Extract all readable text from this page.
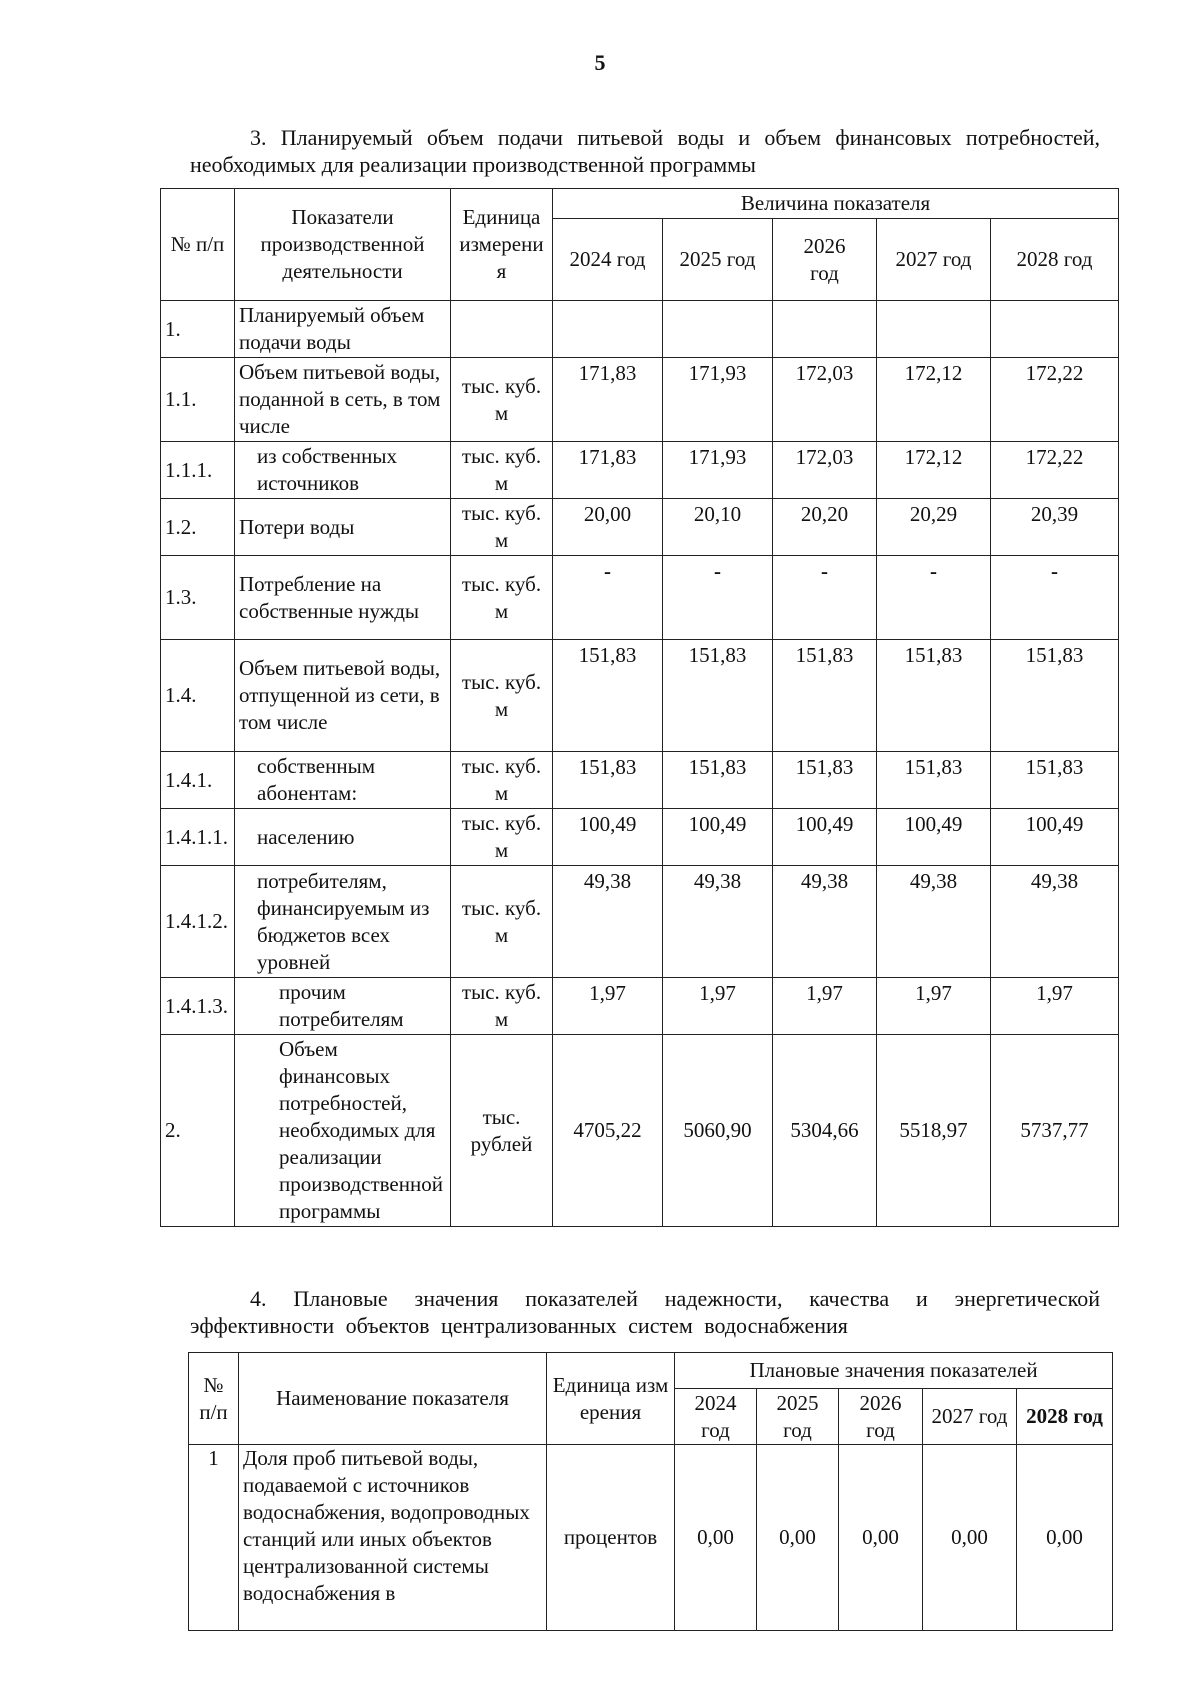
5
3. Планируемый объем подачи питьевой воды и объем финансовых потребностей, необходимых для реализации производственной программы
№ п/п	Показатели производственной деятельности	Единица измерения	Величина показателя				
			2024 год	2025 год	2026 год	2027 год	2028 год
1.	Планируемый объем подачи воды						
1.1.	Объем питьевой воды, поданной в сеть, в том числе	тыс. куб. м	171,83	171,93	172,03	172,12	172,22
1.1.1.	из собственных источников	тыс. куб. м	171,83	171,93	172,03	172,12	172,22
1.2.	Потери воды	тыс. куб. м	20,00	20,10	20,20	20,29	20,39
1.3.	Потребление на собственные нужды	тыс. куб. м	-	-	-	-	-
1.4.	Объем питьевой воды, отпущенной из сети, в том числе	тыс. куб. м	151,83	151,83	151,83	151,83	151,83
1.4.1.	собственным абонентам:	тыс. куб. м	151,83	151,83	151,83	151,83	151,83
1.4.1.1.	населению	тыс. куб. м	100,49	100,49	100,49	100,49	100,49
1.4.1.2.	потребителям, финансируемым из бюджетов всех уровней	тыс. куб. м	49,38	49,38	49,38	49,38	49,38
1.4.1.3.	прочим потребителям	тыс. куб. м	1,97	1,97	1,97	1,97	1,97
2.	Объем финансовых потребностей, необходимых для реализации производственной программы	тыс. рублей	4705,22	5060,90	5304,66	5518,97	5737,77
4. Плановые значения показателей надежности, качества и энергетической эффективности объектов централизованных систем водоснабжения
№ п/п	Наименование показателя	Единица измерения	Плановые значения показателей				
			2024 год	2025 год	2026 год	2027 год	2028 год
1	Доля проб питьевой воды, подаваемой с источников водоснабжения, водопроводных станций или иных объектов централизованной системы водоснабжения в	процентов	0,00	0,00	0,00	0,00	0,00
